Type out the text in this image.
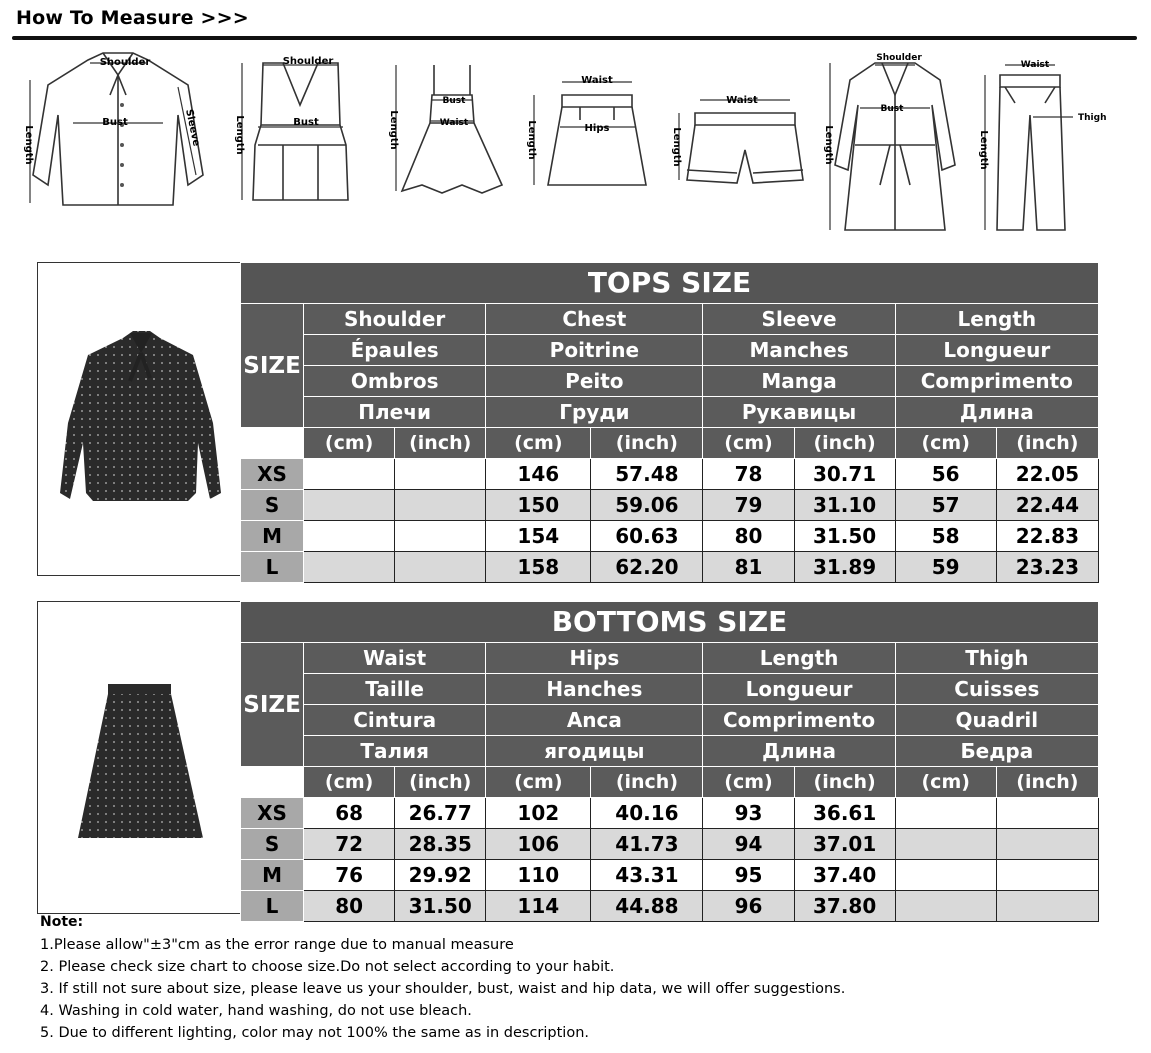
How To Measure >>>
Shoulder
Bust	Sleeve
Length
Shoulder
Bust
Length
Bust
Waist
Length
Waist
Hips
Length
Waist
Length
Shoulder
Bust
Length
Waist
Thigh
Length
TOPS SIZE								
SIZE	Shoulder		Chest		Sleeve		Length	
	Épaules		Poitrine		Manches		Longueur	
	Ombros		Peito		Manga		Comprimento	
	Плечи		Груди		Рукавицы		Длина	
	(cm)	(inch)	(cm)	(inch)	(cm)	(inch)	(cm)	(inch)
XS			146	57.48	78	30.71	56	22.05
S			150	59.06	79	31.10	57	22.44
M			154	60.63	80	31.50	58	22.83
L			158	62.20	81	31.89	59	23.23
BOTTOMS SIZE								
SIZE	Waist		Hips		Length		Thigh	
	Taille		Hanches		Longueur		Cuisses	
	Cintura		Anca		Comprimento		Quadril	
	Талия		ягодицы		Длина		Бедра	
	(cm)	(inch)	(cm)	(inch)	(cm)	(inch)	(cm)	(inch)
XS	68	26.77	102	40.16	93	36.61		
S	72	28.35	106	41.73	94	37.01		
M	76	29.92	110	43.31	95	37.40		
L	80	31.50	114	44.88	96	37.80		
Note:
1.Please allow"±3"cm as the error range due to manual measure
2. Please check size chart to choose size.Do not select according to your habit.
3. If still not sure about size, please leave us your shoulder, bust, waist and hip data, we will offer suggestions.
4. Washing in cold water, hand washing, do not use bleach.
5. Due to different lighting, color may not 100% the same as in description.
